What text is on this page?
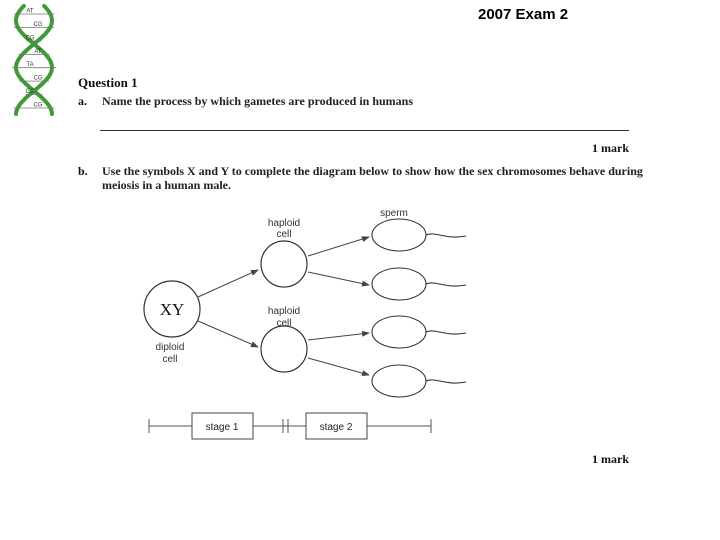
2007 Exam 2
AT
CG
CG
AT
TA
CG
GC
CG
Question 1
a. Name the process by which gametes are produced in humans
1 mark
b. Use the symbols X and Y to complete the diagram below to show how the sex chromosomes behave during
meiosis in a human male.
1 mark
XY
diploid
cell
haploid
cell
haploid
cell
sperm
stage 1	stage 2
